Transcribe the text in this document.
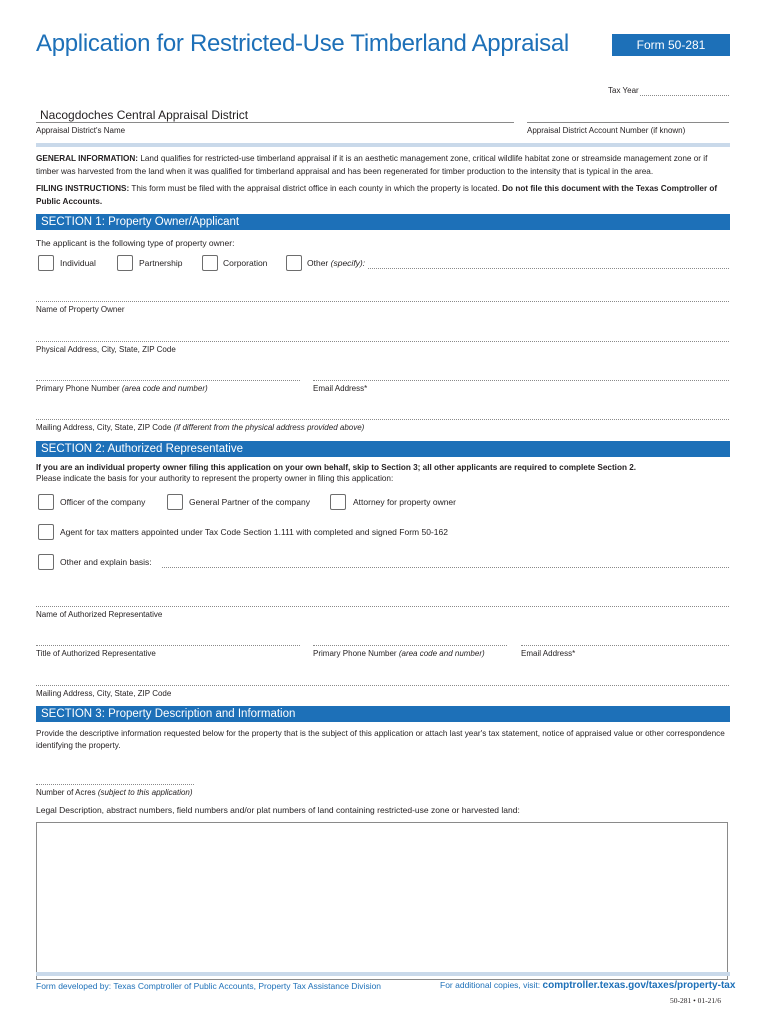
Application for Restricted-Use Timberland Appraisal	Form 50-281
Tax Year
Nacogdoches Central Appraisal District
Appraisal District's Name	Appraisal District Account Number (if known)
GENERAL INFORMATION: Land qualifies for restricted-use timberland appraisal if it is an aesthetic management zone, critical wildlife habitat zone or streamside management zone or if timber was harvested from the land when it was qualified for timberland appraisal and has been regenerated for timber production to the intensity that is typical in the area.
FILING INSTRUCTIONS: This form must be filed with the appraisal district office in each county in which the property is located. Do not file this document with the Texas Comptroller of Public Accounts.
SECTION 1: Property Owner/Applicant
The applicant is the following type of property owner:
Individual	Partnership	Corporation	Other (specify):
Name of Property Owner
Physical Address, City, State, ZIP Code
Primary Phone Number (area code and number)	Email Address*
Mailing Address, City, State, ZIP Code (if different from the physical address provided above)
SECTION 2: Authorized Representative
If you are an individual property owner filing this application on your own behalf, skip to Section 3; all other applicants are required to complete Section 2.
Please indicate the basis for your authority to represent the property owner in filing this application:
Officer of the company	General Partner of the company	Attorney for property owner
Agent for tax matters appointed under Tax Code Section 1.111 with completed and signed Form 50-162
Other and explain basis:
Name of Authorized Representative
Title of Authorized Representative	Primary Phone Number (area code and number)	Email Address*
Mailing Address, City, State, ZIP Code
SECTION 3: Property Description and Information
Provide the descriptive information requested below for the property that is the subject of this application or attach last year's tax statement, notice of appraised value or other correspondence identifying the property.
Number of Acres (subject to this application)
Legal Description, abstract numbers, field numbers and/or plat numbers of land containing restricted-use zone or harvested land:
Form developed by: Texas Comptroller of Public Accounts, Property Tax Assistance Division	For additional copies, visit: comptroller.texas.gov/taxes/property-tax
50-281 • 01-21/6
